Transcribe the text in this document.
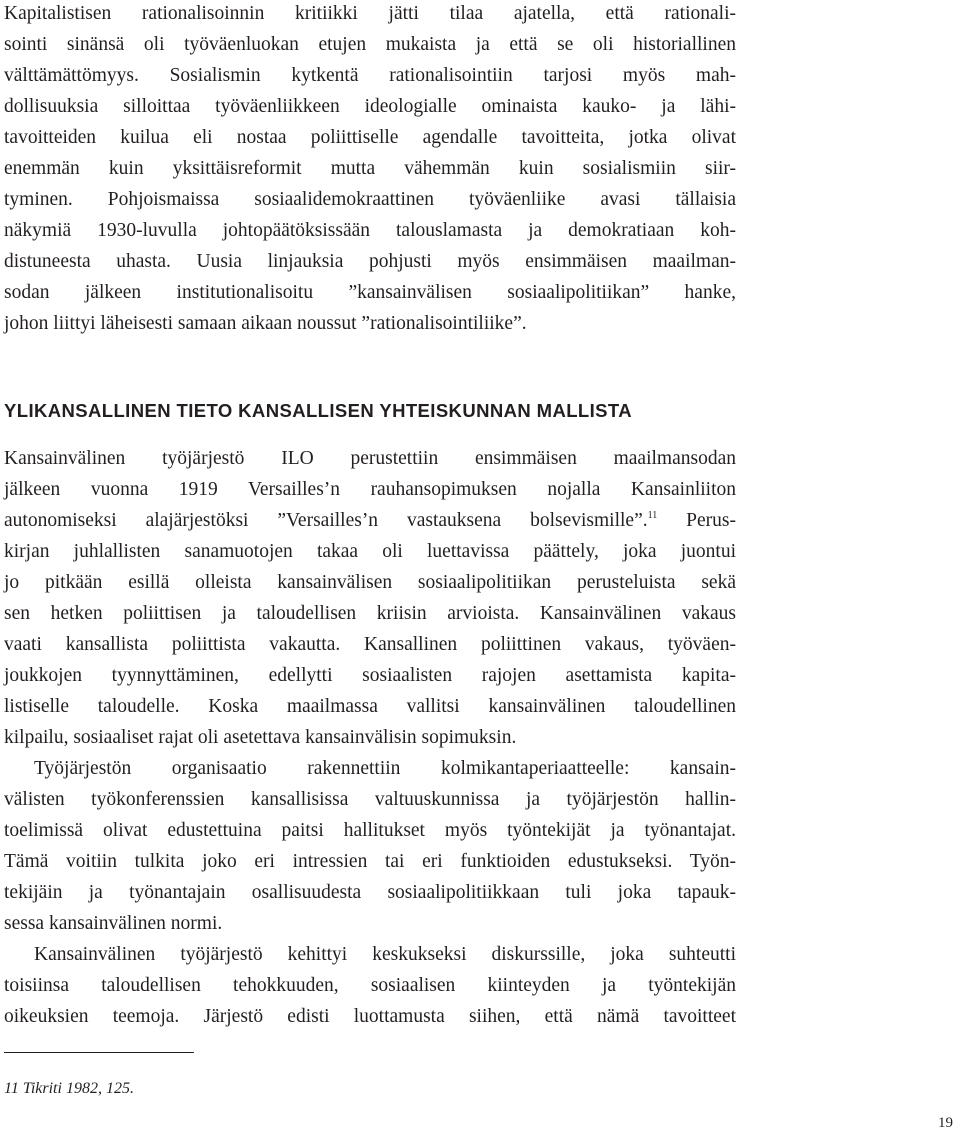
Kapitalistisen rationalisoinnin kritiikki jätti tilaa ajatella, että rationali-
sointi sinänsä oli työväenluokan etujen mukaista ja että se oli historiallinen
välttämättömyys. Sosialismin kytkentä rationalisointiin tarjosi myös mah-
dollisuuksia silloittaa työväenliikkeen ideologialle ominaista kauko- ja lähi-
tavoitteiden kuilua eli nostaa poliittiselle agendalle tavoitteita, jotka olivat
enemmän kuin yksittäisreformit mutta vähemmän kuin sosialismiin siir-
tyminen. Pohjoismaissa sosiaalidemokraattinen työväenliike avasi tällaisia
näkymiä 1930-luvulla johtopäätöksissään talouslamasta ja demokratiaan koh-
distuneesta uhasta. Uusia linjauksia pohjusti myös ensimmäisen maailman-
sodan jälkeen institutionalisoitu ”kansainvälisen sosiaalipolitiikan” hanke,
johon liittyi läheisesti samaan aikaan noussut ”rationalisointiliike”.
YLIKANSALLINEN TIETO KANSALLISEN YHTEISKUNNAN MALLISTA
Kansainvälinen työjärjestö ILO perustettiin ensimmäisen maailmansodan
jälkeen vuonna 1919 Versailles’n rauhansopimuksen nojalla Kansainliiton
autonomiseksi alajärjestöksi ”Versailles’n vastauksena bolsevismille”.$^{11}$ Perus-
kirjan juhlallisten sanamuotojen takaa oli luettavissa päättely, joka juontui
jo pitkään esillä olleista kansainvälisen sosiaalipolitiikan perusteluista sekä
sen hetken poliittisen ja taloudellisen kriisin arvioista. Kansainvälinen vakaus
vaati kansallista poliittista vakautta. Kansallinen poliittinen vakaus, työväen-
joukkojen tyynnyttäminen, edellytti sosiaalisten rajojen asettamista kapita-
listiselle taloudelle. Koska maailmassa vallitsi kansainvälinen taloudellinen
kilpailu, sosiaaliset rajat oli asetettava kansainvälisin sopimuksin.
Työjärjestön organisaatio rakennettiin kolmikantaperiaatteelle: kansain-
välisten työkonferenssien kansallisissa valtuuskunnissa ja työjärjestön hallin-
toelimissä olivat edustettuina paitsi hallitukset myös työntekijät ja työnantajat.
Tämä voitiin tulkita joko eri intressien tai eri funktioiden edustukseksi. Työn-
tekijäin ja työnantajain osallisuudesta sosiaalipolitiikkaan tuli joka tapauk-
sessa kansainvälinen normi.
Kansainvälinen työjärjestö kehittyi keskukseksi diskurssille, joka suhteutti
toisiinsa taloudellisen tehokkuuden, sosiaalisen kiinteyden ja työntekijän
oikeuksien teemoja. Järjestö edisti luottamusta siihen, että nämä tavoitteet
11 Tikriti 1982, 125.
19
